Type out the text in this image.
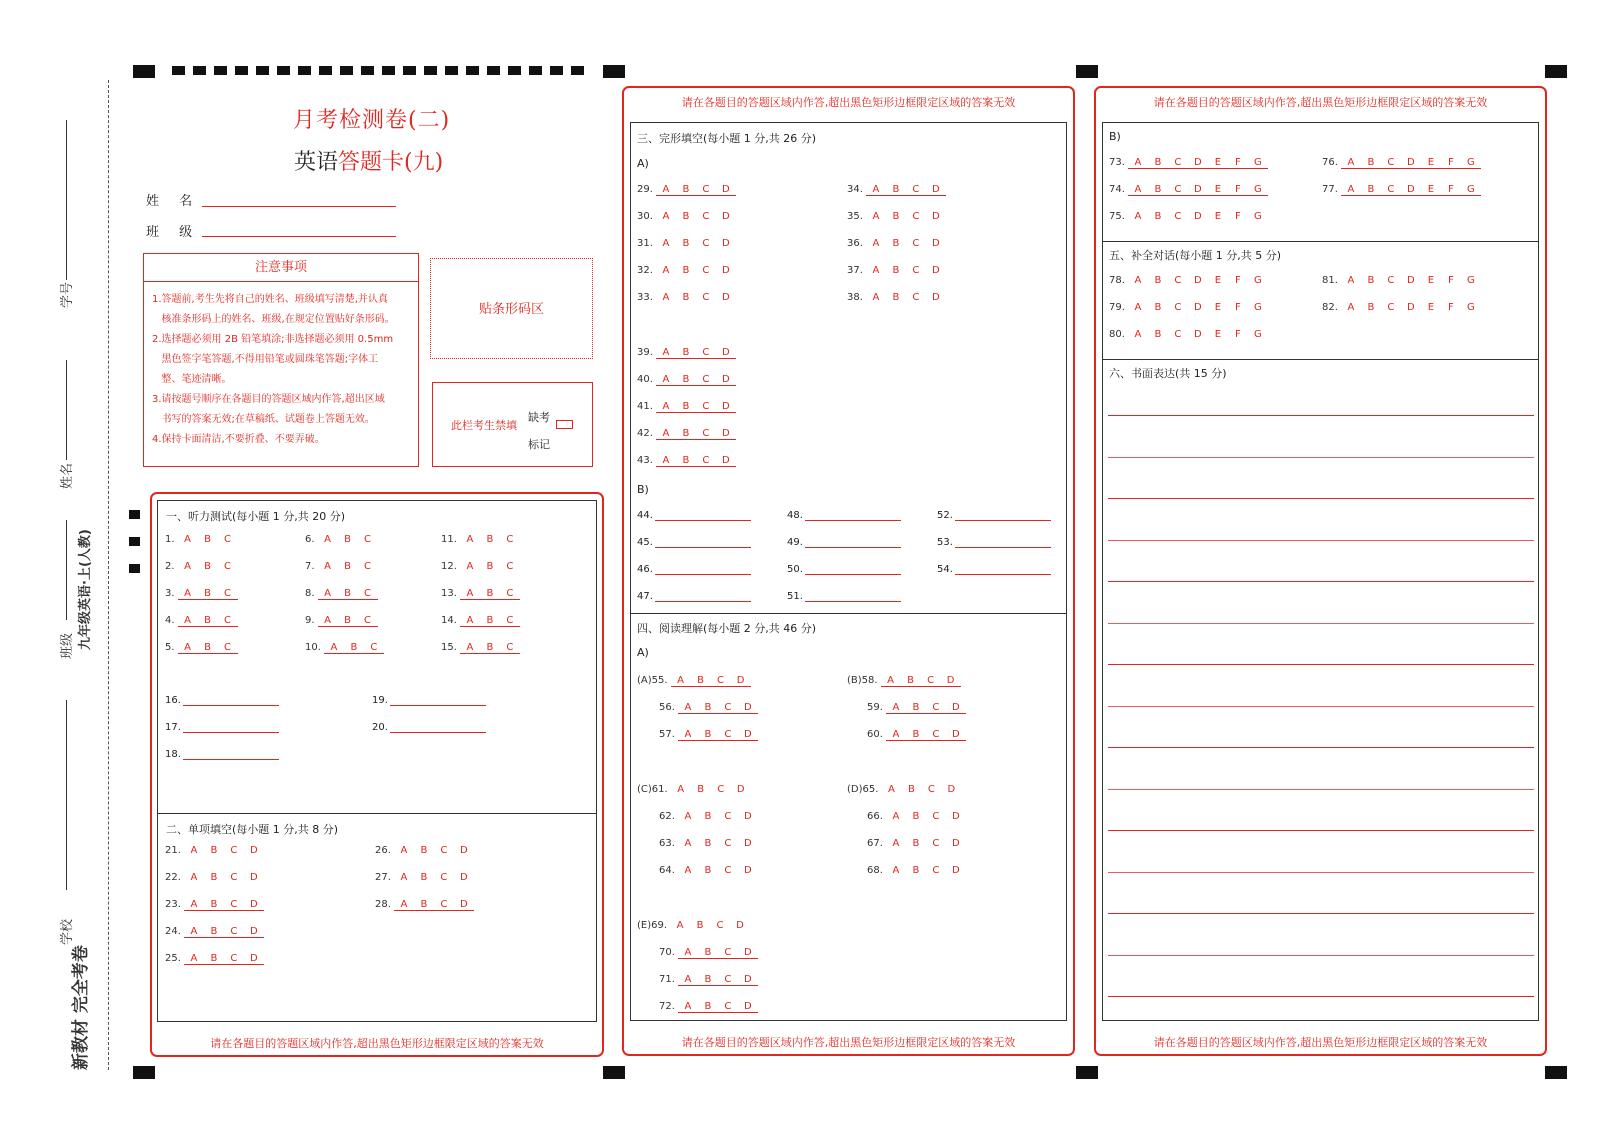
学号
姓名
九年级英语·上(人教)
班级
学校
新教材 完全考卷
月考检测卷(二)
英语答题卡(九)
姓 名
班 级
注意事项
1.答题前,考生先将自己的姓名、班级填写清楚,并认真
核准条形码上的姓名、班级,在规定位置贴好条形码。
2.选择题必须用 2B 铅笔填涂;非选择题必须用 0.5mm
黑色签字笔答题,不得用铅笔或圆珠笔答题;字体工
整、笔迹清晰。
3.请按题号顺序在各题目的答题区域内作答,超出区域
书写的答案无效;在草稿纸、试题卷上答题无效。
4.保持卡面清洁,不要折叠、不要弄破。
贴条形码区
此栏考生禁填
缺考
标记
请在各题目的答题区域内作答,超出黑色矩形边框限定区域的答案无效
一、听力测试(每小题 1 分,共 20 分)
二、单项填空(每小题 1 分,共 8 分)
请在各题目的答题区域内作答,超出黑色矩形边框限定区域的答案无效
请在各题目的答题区域内作答,超出黑色矩形边框限定区域的答案无效
三、完形填空(每小题 1 分,共 26 分)
A)
B)
四、阅读理解(每小题 2 分,共 46 分)
A)
请在各题目的答题区域内作答,超出黑色矩形边框限定区域的答案无效
请在各题目的答题区域内作答,超出黑色矩形边框限定区域的答案无效
B)
五、补全对话(每小题 1 分,共 5 分)
六、书面表达(共 15 分)
1. A B C
2. A B C
3. A B C
4. A B C
5. A B C
6. A B C
7. A B C
8. A B C
9. A B C
10. A B C
11. A B C
12. A B C
13. A B C
14. A B C
15. A B C
16.
17.
18.
19.
20.
21. A B C D
22. A B C D
23. A B C D
24. A B C D
25. A B C D
26. A B C D
27. A B C D
28. A B C D
29. A B C D
30. A B C D
31. A B C D
32. A B C D
33. A B C D
34. A B C D
35. A B C D
36. A B C D
37. A B C D
38. A B C D
39. A B C D
40. A B C D
41. A B C D
42. A B C D
43. A B C D
44.
45.
46.
47.
48.
49.
50.
51.
52.
53.
54.
(A)55. A B C D
56. A B C D
57. A B C D
(B)58. A B C D
59. A B C D
60. A B C D
(C)61. A B C D
62. A B C D
63. A B C D
64. A B C D
(D)65. A B C D
66. A B C D
67. A B C D
68. A B C D
(E)69. A B C D
70. A B C D
71. A B C D
72. A B C D
73. A B C D E F G
74. A B C D E F G
75. A B C D E F G
76. A B C D E F G
77. A B C D E F G
78. A B C D E F G
79. A B C D E F G
80. A B C D E F G
81. A B C D E F G
82. A B C D E F G
